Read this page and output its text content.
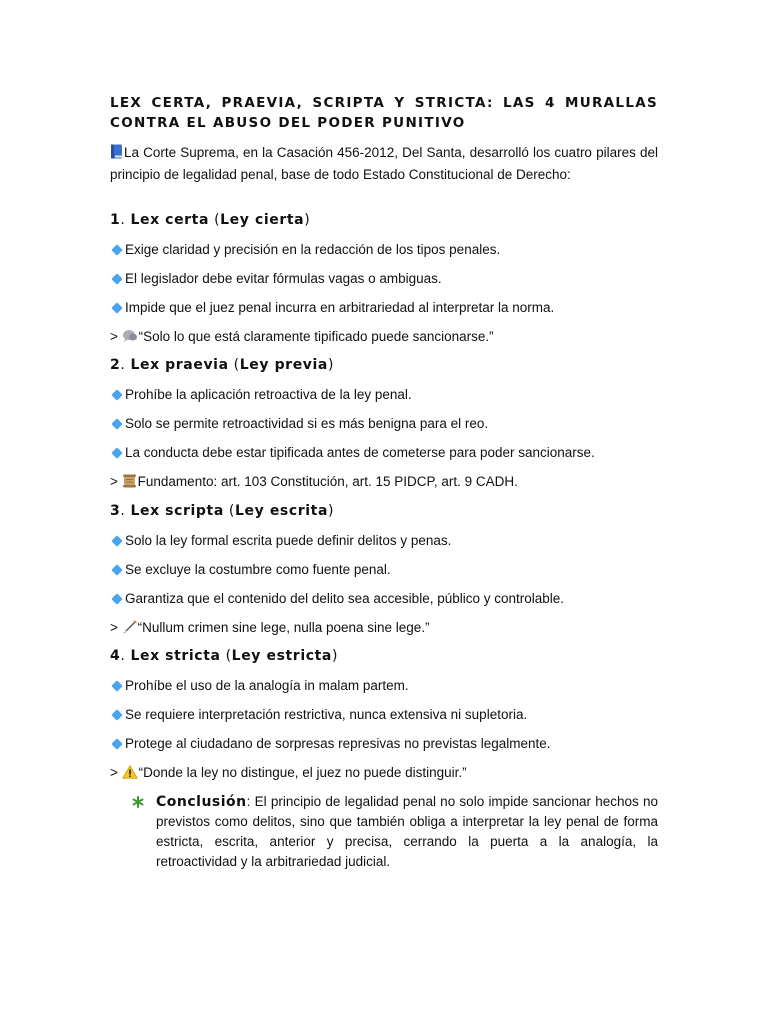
LEX CERTA, PRAEVIA, SCRIPTA Y STRICTA: LAS 4 MURALLAS CONTRA EL ABUSO DEL PODER PUNITIVO

La Corte Suprema, en la Casación 456-2012, Del Santa, desarrolló los cuatro pilares del principio de legalidad penal, base de todo Estado Constitucional de Derecho:

1. Lex certa (Ley cierta)

Exige claridad y precisión en la redacción de los tipos penales.

El legislador debe evitar fórmulas vagas o ambiguas.

Impide que el juez penal incurra en arbitrariedad al interpretar la norma.

> “Solo lo que está claramente tipificado puede sancionarse.”

2. Lex praevia (Ley previa)

Prohíbe la aplicación retroactiva de la ley penal.

Solo se permite retroactividad si es más benigna para el reo.

La conducta debe estar tipificada antes de cometerse para poder sancionarse.

> Fundamento: art. 103 Constitución, art. 15 PIDCP, art. 9 CADH.

3. Lex scripta (Ley escrita)

Solo la ley formal escrita puede definir delitos y penas.

Se excluye la costumbre como fuente penal.

Garantiza que el contenido del delito sea accesible, público y controlable.

> “Nullum crimen sine lege, nulla poena sine lege.”

4. Lex stricta (Ley estricta)

Prohíbe el uso de la analogía in malam partem.

Se requiere interpretación restrictiva, nunca extensiva ni supletoria.

Protege al ciudadano de sorpresas represivas no previstas legalmente.

> “Donde la ley no distingue, el juez no puede distinguir.”

Conclusión: El principio de legalidad penal no solo impide sancionar hechos no previstos como delitos, sino que también obliga a interpretar la ley penal de forma estricta, escrita, anterior y precisa, cerrando la puerta a la analogía, la retroactividad y la arbitrariedad judicial.
